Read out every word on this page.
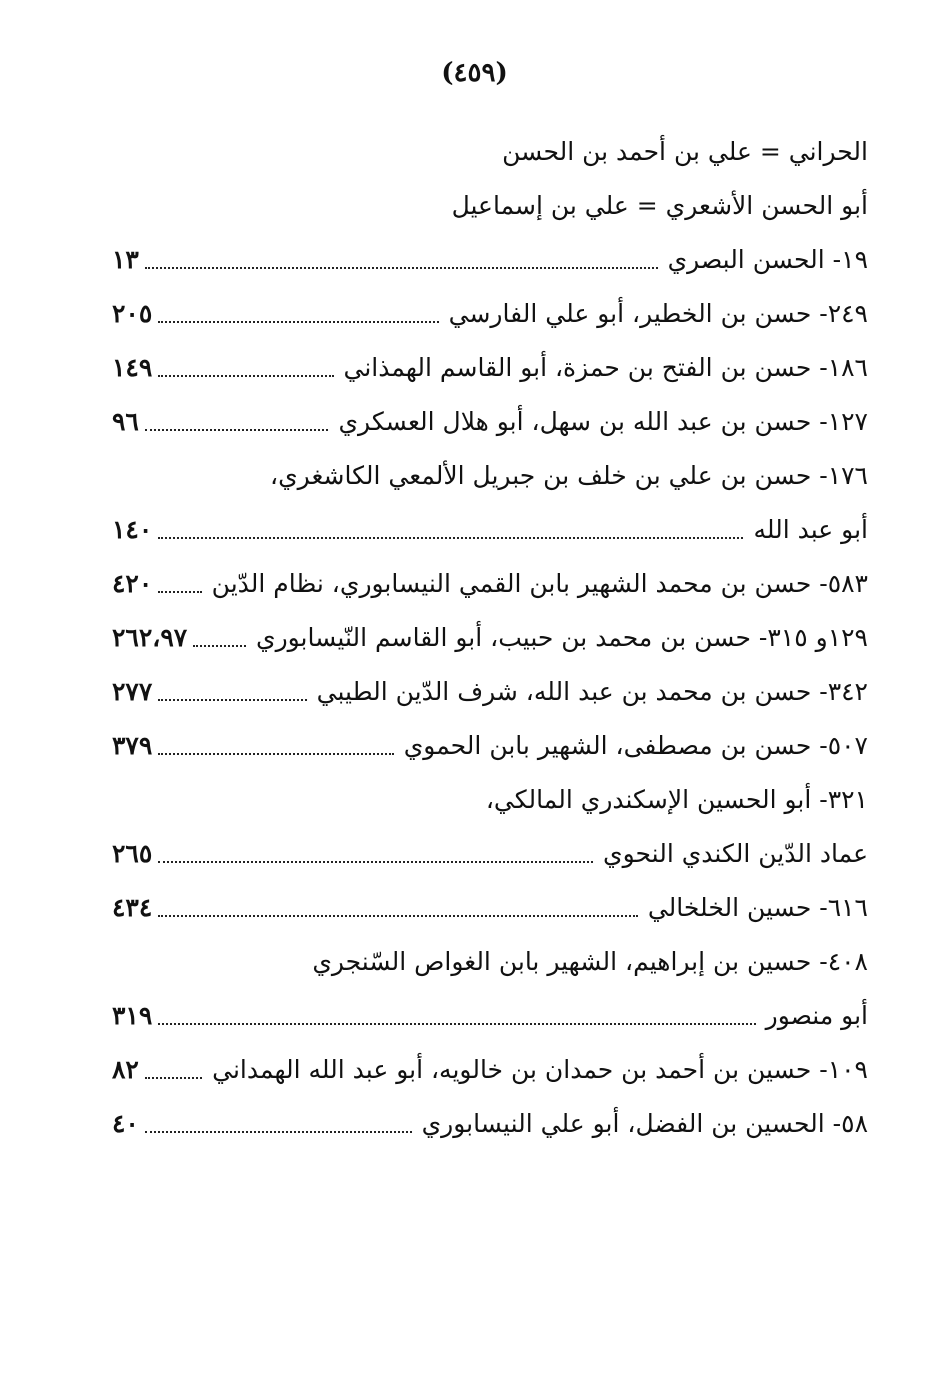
(٤٥٩)
الحراني = علي بن أحمد بن الحسن
أبو الحسن الأشعري = علي بن إسماعيل
١٩- الحسن البصري
١٣
٢٤٩- حسن بن الخطير، أبو علي الفارسي
٢٠٥
١٨٦- حسن بن الفتح بن حمزة، أبو القاسم الهمذاني
١٤٩
١٢٧- حسن بن عبد الله بن سهل، أبو هلال العسكري
٩٦
١٧٦- حسن بن علي بن خلف بن جبريل الألمعي الكاشغري،
أبو عبد الله
١٤٠
٥٨٣- حسن بن محمد الشهير بابن القمي النيسابوري، نظام الدّين
٤٢٠
١٢٩و ٣١٥- حسن بن محمد بن حبيب، أبو القاسم النّيسابوري
٢٦٢،٩٧
٣٤٢- حسن بن محمد بن عبد الله، شرف الدّين الطيبي
٢٧٧
٥٠٧- حسن بن مصطفى، الشهير بابن الحموي
٣٧٩
٣٢١- أبو الحسين الإسكندري المالكي،
عماد الدّين الكندي النحوي
٢٦٥
٦١٦- حسين الخلخالي
٤٣٤
٤٠٨- حسين بن إبراهيم، الشهير بابن الغواص السّنجري
أبو منصور
٣١٩
١٠٩- حسين بن أحمد بن حمدان بن خالويه، أبو عبد الله الهمداني
٨٢
٥٨- الحسين بن الفضل، أبو علي النيسابوري
٤٠
